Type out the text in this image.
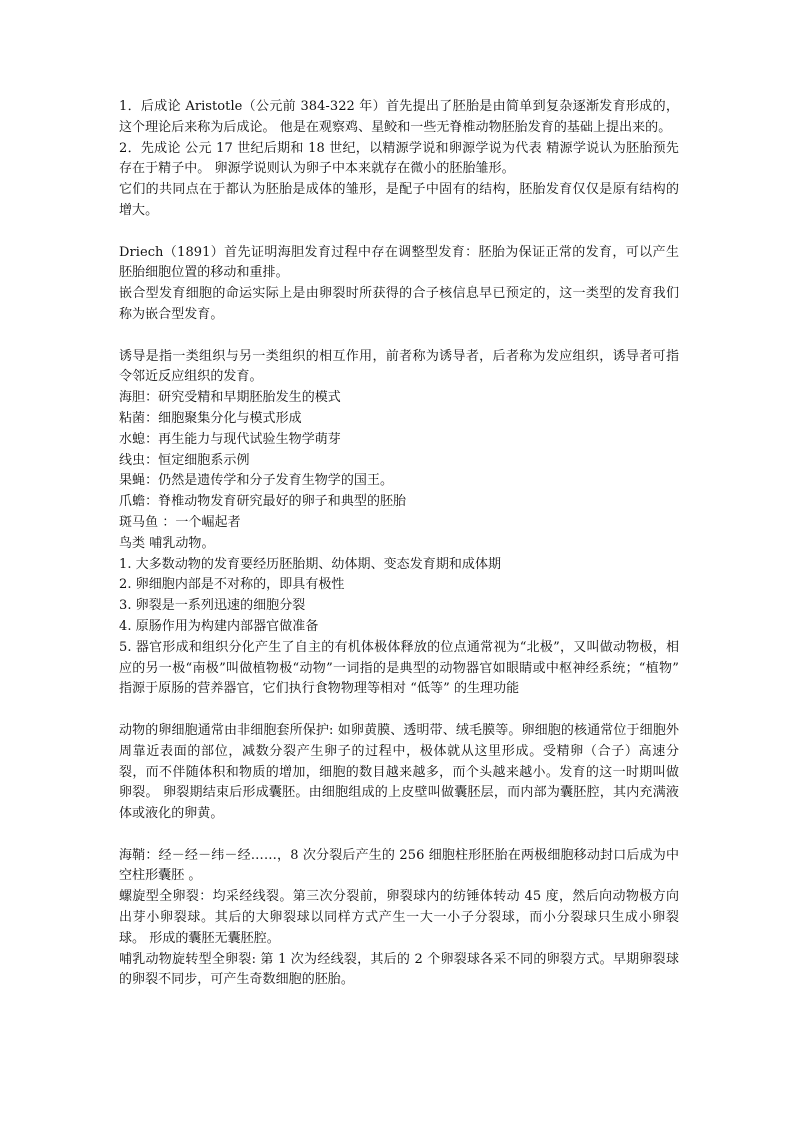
1．后成论 Aristotle（公元前 384-322 年）首先提出了胚胎是由简单到复杂逐渐发育形成的，这个理论后来称为后成论。 他是在观察鸡、星鲛和一些无脊椎动物胚胎发育的基础上提出来的。

2．先成论 公元 17 世纪后期和 18 世纪，以精源学说和卵源学说为代表 精源学说认为胚胎预先存在于精子中。 卵源学说则认为卵子中本来就存在微小的胚胎雏形。

它们的共同点在于都认为胚胎是成体的雏形，是配子中固有的结构，胚胎发育仅仅是原有结构的增大。

Driech（1891）首先证明海胆发育过程中存在调整型发育：胚胎为保证正常的发育，可以产生胚胎细胞位置的移动和重排。

嵌合型发育细胞的命运实际上是由卵裂时所获得的合子核信息早已预定的，这一类型的发育我们称为嵌合型发育。

诱导是指一类组织与另一类组织的相互作用，前者称为诱导者，后者称为发应组织，诱导者可指令邻近反应组织的发育。

海胆：研究受精和早期胚胎发生的模式

粘菌：细胞聚集分化与模式形成

水螅：再生能力与现代试验生物学萌芽

线虫：恒定细胞系示例

果蝇：仍然是遗传学和分子发育生物学的国王。

爪蟾：脊椎动物发育研究最好的卵子和典型的胚胎

斑马鱼 ：一个崛起者

鸟类 哺乳动物。

1. 大多数动物的发育要经历胚胎期、幼体期、变态发育期和成体期

2. 卵细胞内部是不对称的，即具有极性

3. 卵裂是一系列迅速的细胞分裂

4. 原肠作用为构建内部器官做准备

5. 器官形成和组织分化产生了自主的有机体极体释放的位点通常视为“北极”，又叫做动物极，相应的另一极“南极”叫做植物极“动物”一词指的是典型的动物器官如眼睛或中枢神经系统；“植物” 指源于原肠的营养器官，它们执行食物物理等相对 “低等” 的生理功能

动物的卵细胞通常由非细胞套所保护: 如卵黄膜、透明带、绒毛膜等。卵细胞的核通常位于细胞外周靠近表面的部位，减数分裂产生卵子的过程中，极体就从这里形成。受精卵（合子）高速分裂，而不伴随体积和物质的增加，细胞的数目越来越多，而个头越来越小。发育的这一时期叫做卵裂。 卵裂期结束后形成囊胚。由细胞组成的上皮壁叫做囊胚层，而内部为囊胚腔，其内充满液体或液化的卵黄。

海鞘：经－经－纬－经……，8 次分裂后产生的 256 细胞柱形胚胎在两极细胞移动封口后成为中空柱形囊胚 。

螺旋型全卵裂：均采经线裂。第三次分裂前，卵裂球内的纺锤体转动 45 度，然后向动物极方向出芽小卵裂球。其后的大卵裂球以同样方式产生一大一小子分裂球，而小分裂球只生成小卵裂球。 形成的囊胚无囊胚腔。

哺乳动物旋转型全卵裂: 第 1 次为经线裂，其后的 2 个卵裂球各采不同的卵裂方式。早期卵裂球的卵裂不同步，可产生奇数细胞的胚胎。
